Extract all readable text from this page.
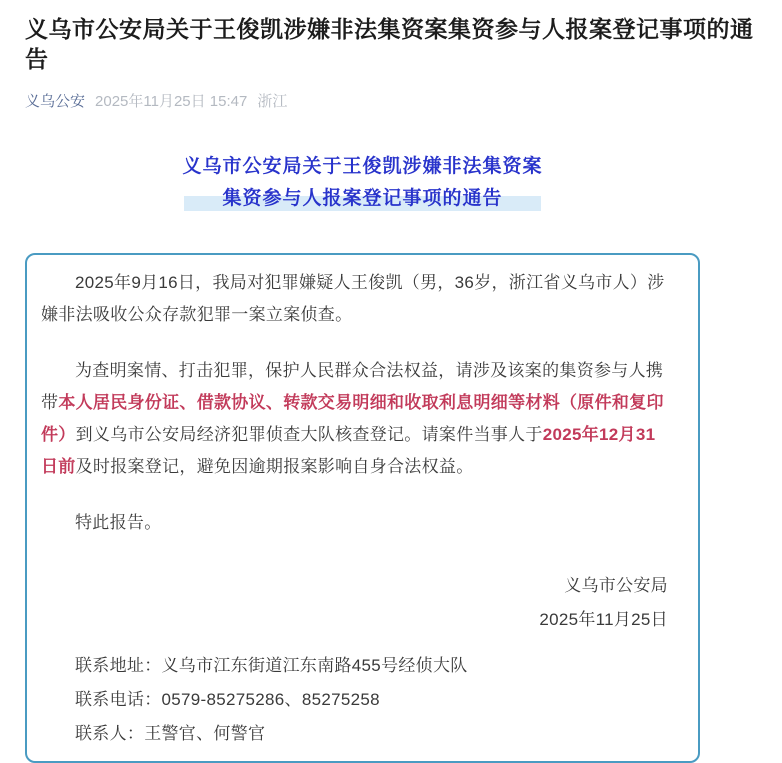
义乌市公安局关于王俊凯涉嫌非法集资案集资参与人报案登记事项的通告
义乌公安 2025年11月25日 15:47 浙江
义乌市公安局关于王俊凯涉嫌非法集资案
集资参与人报案登记事项的通告

2025年9月16日，我局对犯罪嫌疑人王俊凯（男，36岁，浙江省义乌市人）涉嫌非法吸收公众存款犯罪一案立案侦查。

为查明案情、打击犯罪，保护人民群众合法权益，请涉及该案的集资参与人携带本人居民身份证、借款协议、转款交易明细和收取利息明细等材料（原件和复印件）到义乌市公安局经济犯罪侦查大队核查登记。请案件当事人于2025年12月31日前及时报案登记，避免因逾期报案影响自身合法权益。

特此报告。

义乌市公安局
2025年11月25日
联系地址：义乌市江东街道江东南路455号经侦大队
联系电话：0579-85275286、85275258
联系人：王警官、何警官
